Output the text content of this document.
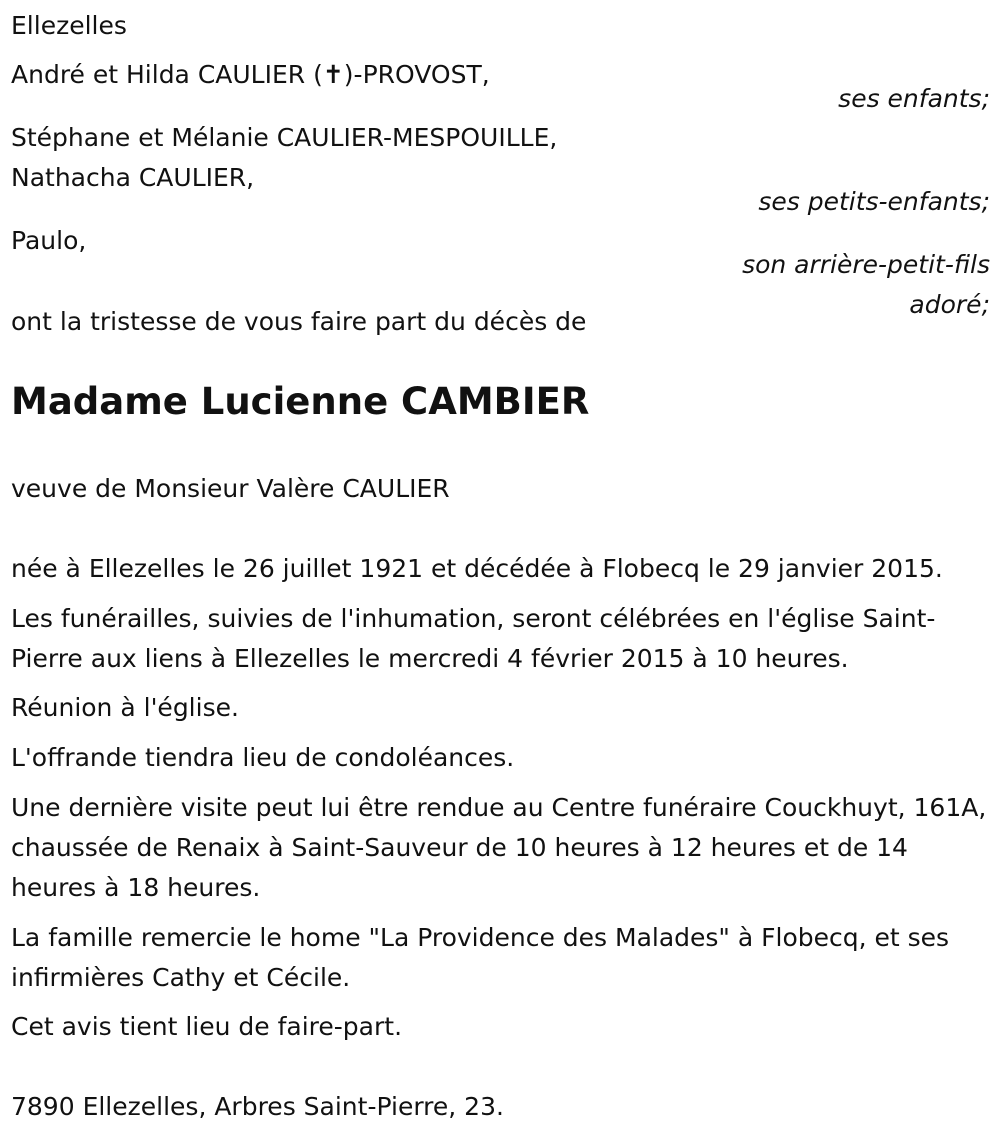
Ellezelles
André et Hilda CAULIER (✝)-PROVOST,
ses enfants;
Stéphane et Mélanie CAULIER-MESPOUILLE,
Nathacha CAULIER,
ses petits-enfants;
Paulo,
son arrière-petit-fils
adoré;
ont la tristesse de vous faire part du décès de
Madame Lucienne CAMBIER
veuve de Monsieur Valère CAULIER
née à Ellezelles le 26 juillet 1921 et décédée à Flobecq le 29 janvier 2015.
Les funérailles, suivies de l'inhumation, seront célébrées en l'église Saint-Pierre aux liens à Ellezelles le mercredi 4 février 2015 à 10 heures.
Réunion à l'église.
L'offrande tiendra lieu de condoléances.
Une dernière visite peut lui être rendue au Centre funéraire Couckhuyt, 161A, chaussée de Renaix à Saint-Sauveur de 10 heures à 12 heures et de 14 heures à 18 heures.
La famille remercie le home "La Providence des Malades" à Flobecq, et ses infirmières Cathy et Cécile.
Cet avis tient lieu de faire-part.
7890 Ellezelles, Arbres Saint-Pierre, 23.
